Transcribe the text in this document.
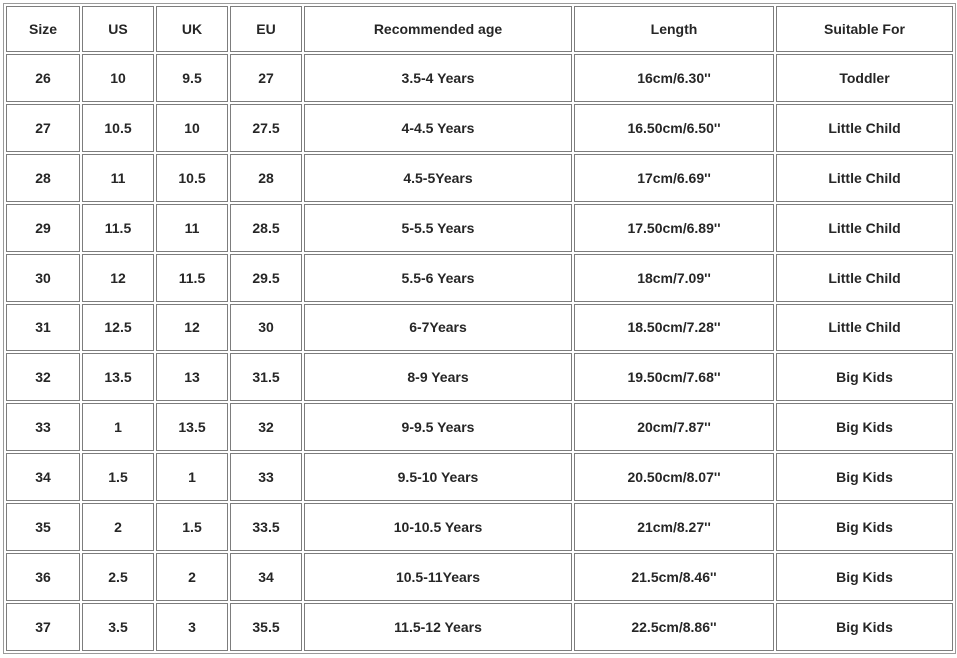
Size	US	UK	EU	Recommended age	Length	Suitable For
26	10	9.5	27	3.5-4 Years	16cm/6.30''	Toddler
27	10.5	10	27.5	4-4.5 Years	16.50cm/6.50''	Little Child
28	11	10.5	28	4.5-5Years	17cm/6.69''	Little Child
29	11.5	11	28.5	5-5.5 Years	17.50cm/6.89''	Little Child
30	12	11.5	29.5	5.5-6 Years	18cm/7.09''	Little Child
31	12.5	12	30	6-7Years	18.50cm/7.28''	Little Child
32	13.5	13	31.5	8-9 Years	19.50cm/7.68''	Big Kids
33	1	13.5	32	9-9.5 Years	20cm/7.87''	Big Kids
34	1.5	1	33	9.5-10 Years	20.50cm/8.07''	Big Kids
35	2	1.5	33.5	10-10.5 Years	21cm/8.27''	Big Kids
36	2.5	2	34	10.5-11Years	21.5cm/8.46''	Big Kids
37	3.5	3	35.5	11.5-12 Years	22.5cm/8.86''	Big Kids
